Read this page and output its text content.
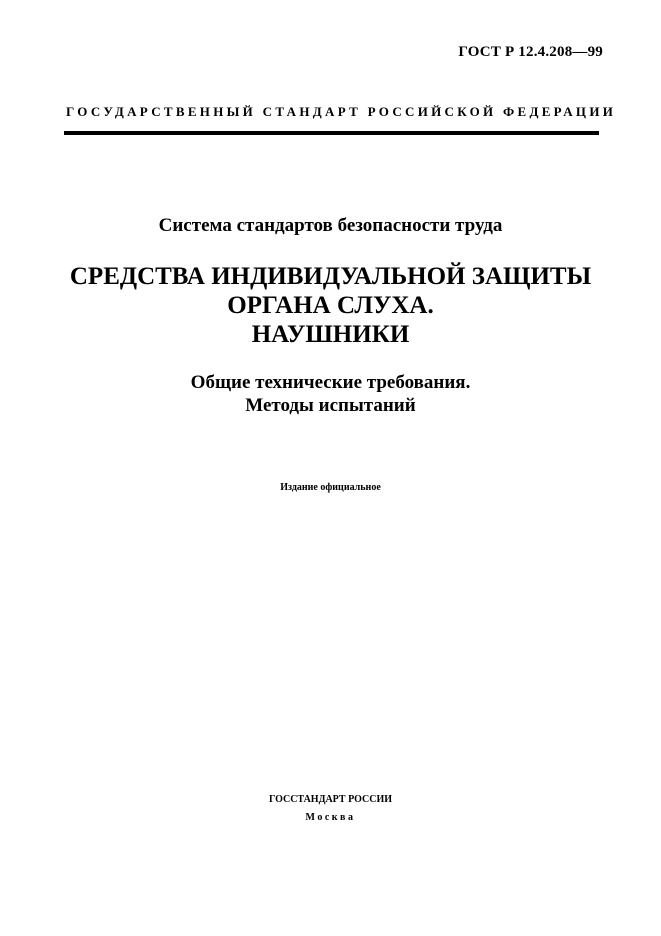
ГОСТ Р 12.4.208—99
ГОСУДАРСТВЕННЫЙ СТАНДАРТ РОССИЙСКОЙ ФЕДЕРАЦИИ
Система стандартов безопасности труда
СРЕДСТВА ИНДИВИДУАЛЬНОЙ ЗАЩИТЫ
ОРГАНА СЛУХА.
НАУШНИКИ
Общие технические требования.
Методы испытаний
Издание официальное
ГОССТАНДАРТ РОССИИ
Москва
